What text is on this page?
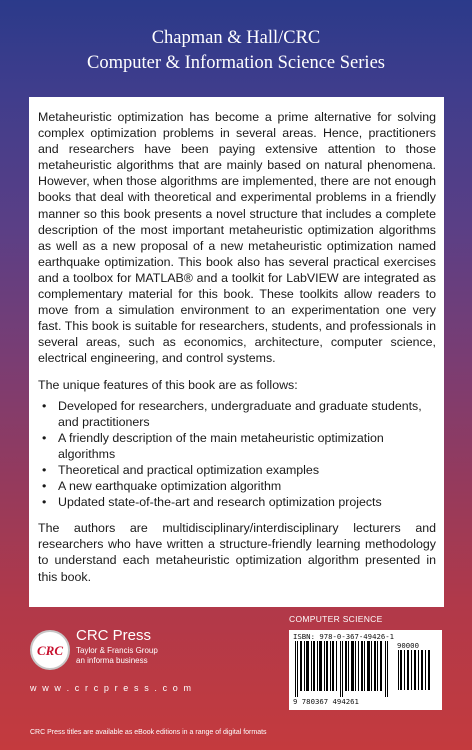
Chapman & Hall/CRC
Computer & Information Science Series

Metaheuristic optimization has become a prime alternative for solving complex optimization problems in several areas. Hence, practitioners and researchers have been paying extensive attention to those metaheuristic algorithms that are mainly based on natural phenomena. However, when those algorithms are implemented, there are not enough books that deal with theoretical and experimental problems in a friendly manner so this book presents a novel structure that includes a complete description of the most important metaheuristic optimization algorithms as well as a new proposal of a new metaheuristic optimization named earthquake optimization. This book also has several practical exercises and a toolbox for MATLAB® and a toolkit for LabVIEW are integrated as complementary material for this book. These toolkits allow readers to move from a simulation environment to an experimentation one very fast. This book is suitable for researchers, students, and professionals in several areas, such as economics, architecture, computer science, electrical engineering, and control systems.

The unique features of this book are as follows:

• Developed for researchers, undergraduate and graduate students, and practitioners
• A friendly description of the main metaheuristic optimization algorithms
• Theoretical and practical optimization examples
• A new earthquake optimization algorithm
• Updated state-of-the-art and research optimization projects

The authors are multidisciplinary/interdisciplinary lecturers and researchers who have written a structure-friendly learning methodology to understand each metaheuristic optimization algorithm presented in this book.

COMPUTER SCIENCE
ISBN: 978-0-367-49426-1
90000
9 780367 494261
CRC
CRC Press
Taylor & Francis Group
an informa business
w w w . c r c p r e s s . c o m
CRC Press titles are available as eBook editions in a range of digital formats
